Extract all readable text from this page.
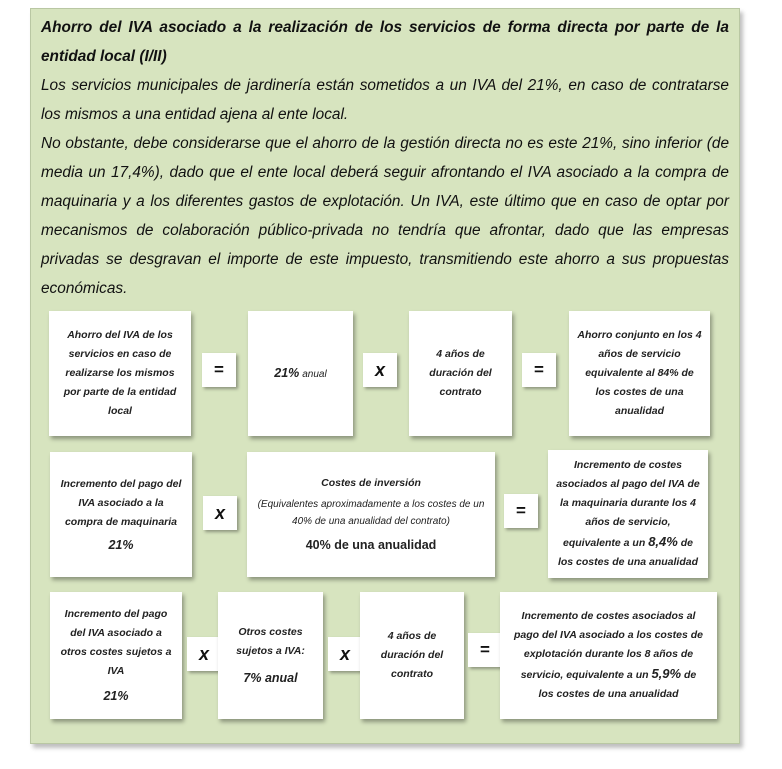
Ahorro del IVA asociado a la realización de los servicios de forma directa por parte de la entidad local (I/II)

Los servicios municipales de jardinería están sometidos a un IVA del 21%, en caso de contratarse los mismos a una entidad ajena al ente local.

No obstante, debe considerarse que el ahorro de la gestión directa no es este 21%, sino inferior (de media un 17,4%), dado que el ente local deberá seguir afrontando el IVA asociado a la compra de maquinaria y a los diferentes gastos de explotación. Un IVA, este último que en caso de optar por mecanismos de colaboración público-privada no tendría que afrontar, dado que las empresas privadas se desgravan el importe de este impuesto, transmitiendo este ahorro a sus propuestas económicas.

Ahorro del IVA de los servicios en caso de realizarse los mismos por parte de la entidad local
=	21% anual	x
4 años de duración del contrato
=
Ahorro conjunto en los 4 años de servicio equivalente al 84% de los costes de una anualidad
Incremento del pago del IVA asociado a la compra de maquinaria
21%
x
Costes de inversión
(Equivalentes aproximadamente a los costes de un 40% de una anualidad del contrato)
40% de una anualidad
=
Incremento de costes asociados al pago del IVA de la maquinaria durante los 4 años de servicio, equivalente a un 8,4% de los costes de una anualidad
Incremento del pago del IVA asociado a otros costes sujetos a IVA
21%
x
Otros costes sujetos a IVA:
7% anual
x
4 años de duración del contrato
=
Incremento de costes asociados al pago del IVA asociado a los costes de explotación durante los 8 años de servicio, equivalente a un 5,9% de los costes de una anualidad
